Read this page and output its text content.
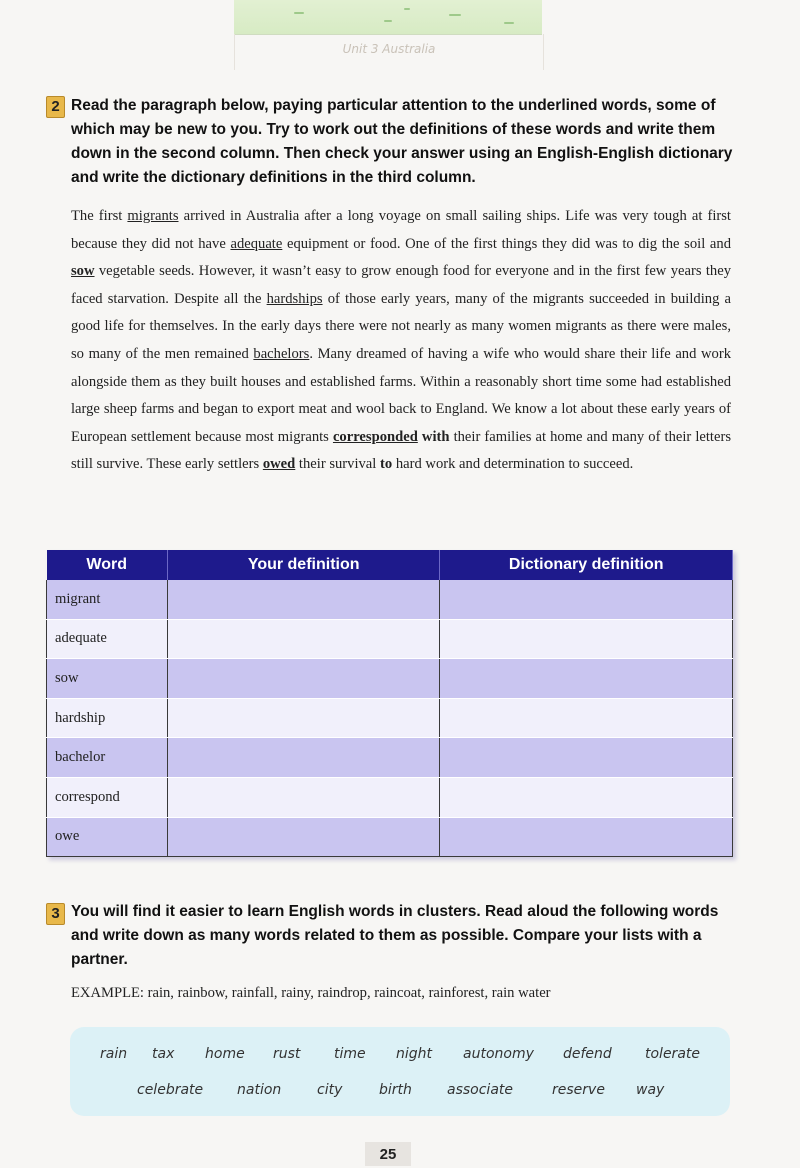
Unit 3 Australia
2 Read the paragraph below, paying particular attention to the underlined words, some of which may be new to you. Try to work out the definitions of these words and write them down in the second column. Then check your answer using an English-English dictionary and write the dictionary definitions in the third column.
The first migrants arrived in Australia after a long voyage on small sailing ships. Life was very tough at first because they did not have adequate equipment or food. One of the first things they did was to dig the soil and sow vegetable seeds. However, it wasn’t easy to grow enough food for everyone and in the first few years they faced starvation. Despite all the hardships of those early years, many of the migrants succeeded in building a good life for themselves. In the early days there were not nearly as many women migrants as there were males, so many of the men remained bachelors. Many dreamed of having a wife who would share their life and work alongside them as they built houses and established farms. Within a reasonably short time some had established large sheep farms and began to export meat and wool back to England. We know a lot about these early years of European settlement because most migrants corresponded with their families at home and many of their letters still survive. These early settlers owed their survival to hard work and determination to succeed.
Word	Your definition	Dictionary definition
migrant		
adequate		
sow		
hardship		
bachelor		
correspond		
owe		
3 You will find it easier to learn English words in clusters. Read aloud the following words and write down as many words related to them as possible. Compare your lists with a partner.
EXAMPLE: rain, rainbow, rainfall, rainy, raindrop, raincoat, rainforest, rain water
rain tax home rust time night autonomy defend tolerate
celebrate nation	city	birth	associate	reserve way
25
